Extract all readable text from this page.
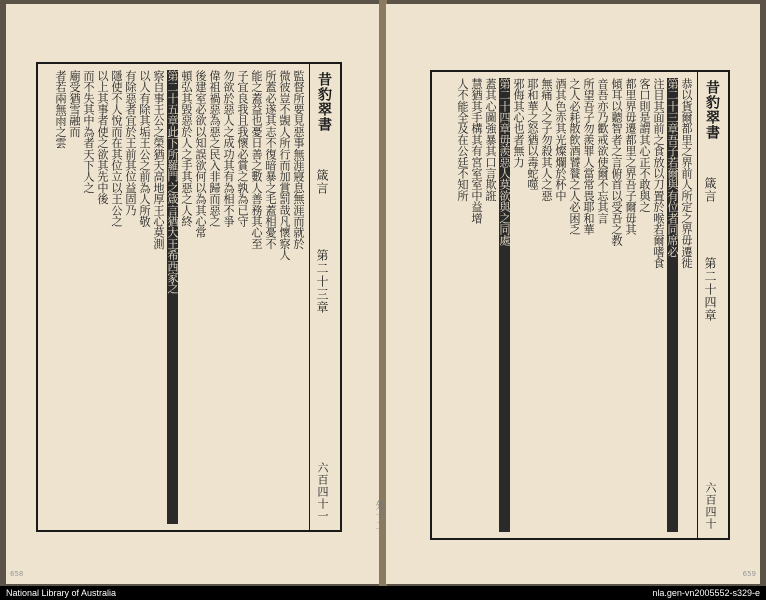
昔豹翠書
箴言
第二十三章
六百四十一
監督所要見惡事無涯寢息無涯而就於
微彼豈不覬人所行而加賞罰哉凡懷察人
所蓋必遂其志不復暗暴之毛蓋相憂不
能之蓋益也憂日善之數人善務其心至
子宜良我且我懷必賞之孰為已守
勿欲於惡人之成功其有為相不爭
偉祖禍惡為惡之民入非歸而惡之
後建室必欲以知誤欲何以為其心常
頓弘其毀惡於人之手其惡之人終
第二十五章此下所羅門之箴言猶大王希西家之
察自事王公之榮猶天高地厚王心莫測
以人有除其垢王公之前為人所敬
有除惡者宜於王前其位益固乃
隱使不人悅而在其位立以王公之
以上其事者使之欲其先中後
而不失其中為者天下人之
廟受猶雪融而
者若兩無雨之雲	昔豹翠書
箴言
第二十四章
六百四十
恭以貨爾都里之界前人所定之界毋遷徙
第二十三章吾子若爾與有位者同席必
注目其面前之食放以刀置於喉若爾嗜食
客口則是謂其心正不敢與之
都里界毋遷都里之界吾子爾毋其
傾耳以聽智者之言俯首以受吾之教
音吾亦乃歡戒欲使爾不忘其言
所望吾子勿羨罪人當常畏耶和華
之人必耗散飲酒饕餮之人必困乏
酒其色赤其光燦爛於杯中
無痛人之子勿殺其人之惡
耶和華之怒猶以毒蛇噬
邪侮其心也者無力
第二十四章毋羨惡人莫欲與之同處
蓋其心圖強暴其口言欺誑
慧猶其手構其有宮室室中益增
人不能全及在公廷不知所
外十二
658	659
National Library of Australia	nla.gen-vn2005552-s329-e
